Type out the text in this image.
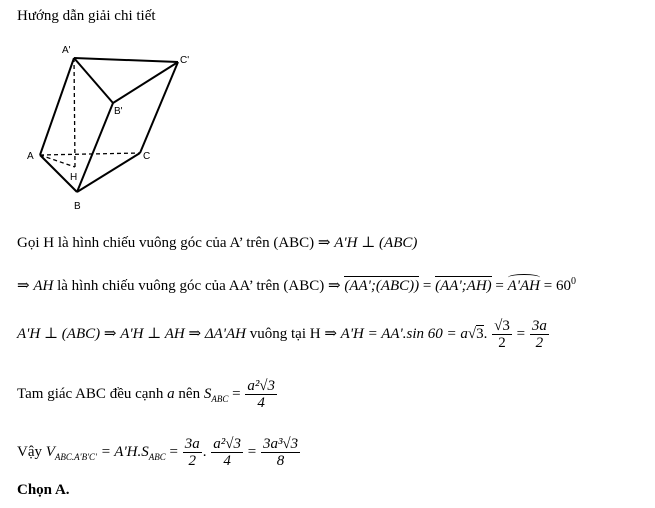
Hướng dẫn giải chi tiết
A'
C'
B'
A	C
H
B
Gọi H là hình chiếu vuông góc của A’ trên (ABC) ⇒ A'H ⊥ (ABC)
⇒ AH là hình chiếu vuông góc của AA’ trên (ABC) ⇒ (AA';(ABC)) = (AA';AH) = $A'AH = 60^0$
A'H ⊥ (ABC) ⇒ A'H ⊥ AH ⇒ ΔA'AH vuông tại H ⇒ A'H = AA'.sin 60 = a√3. $\frac{√3}{2} = \frac{3a}{2}$
Tam giác ABC đều cạnh a nên $S_{ABC} = \frac{\text{a²√3}}{4}$
Vậy $V_{ABC.A'B'C'} = A'H.S_{ABC} = \frac{3a}{2}$ . $\frac{\text{a²√3}}{4} = \frac{\text{3a³√3}}{8}$
Chọn A.
